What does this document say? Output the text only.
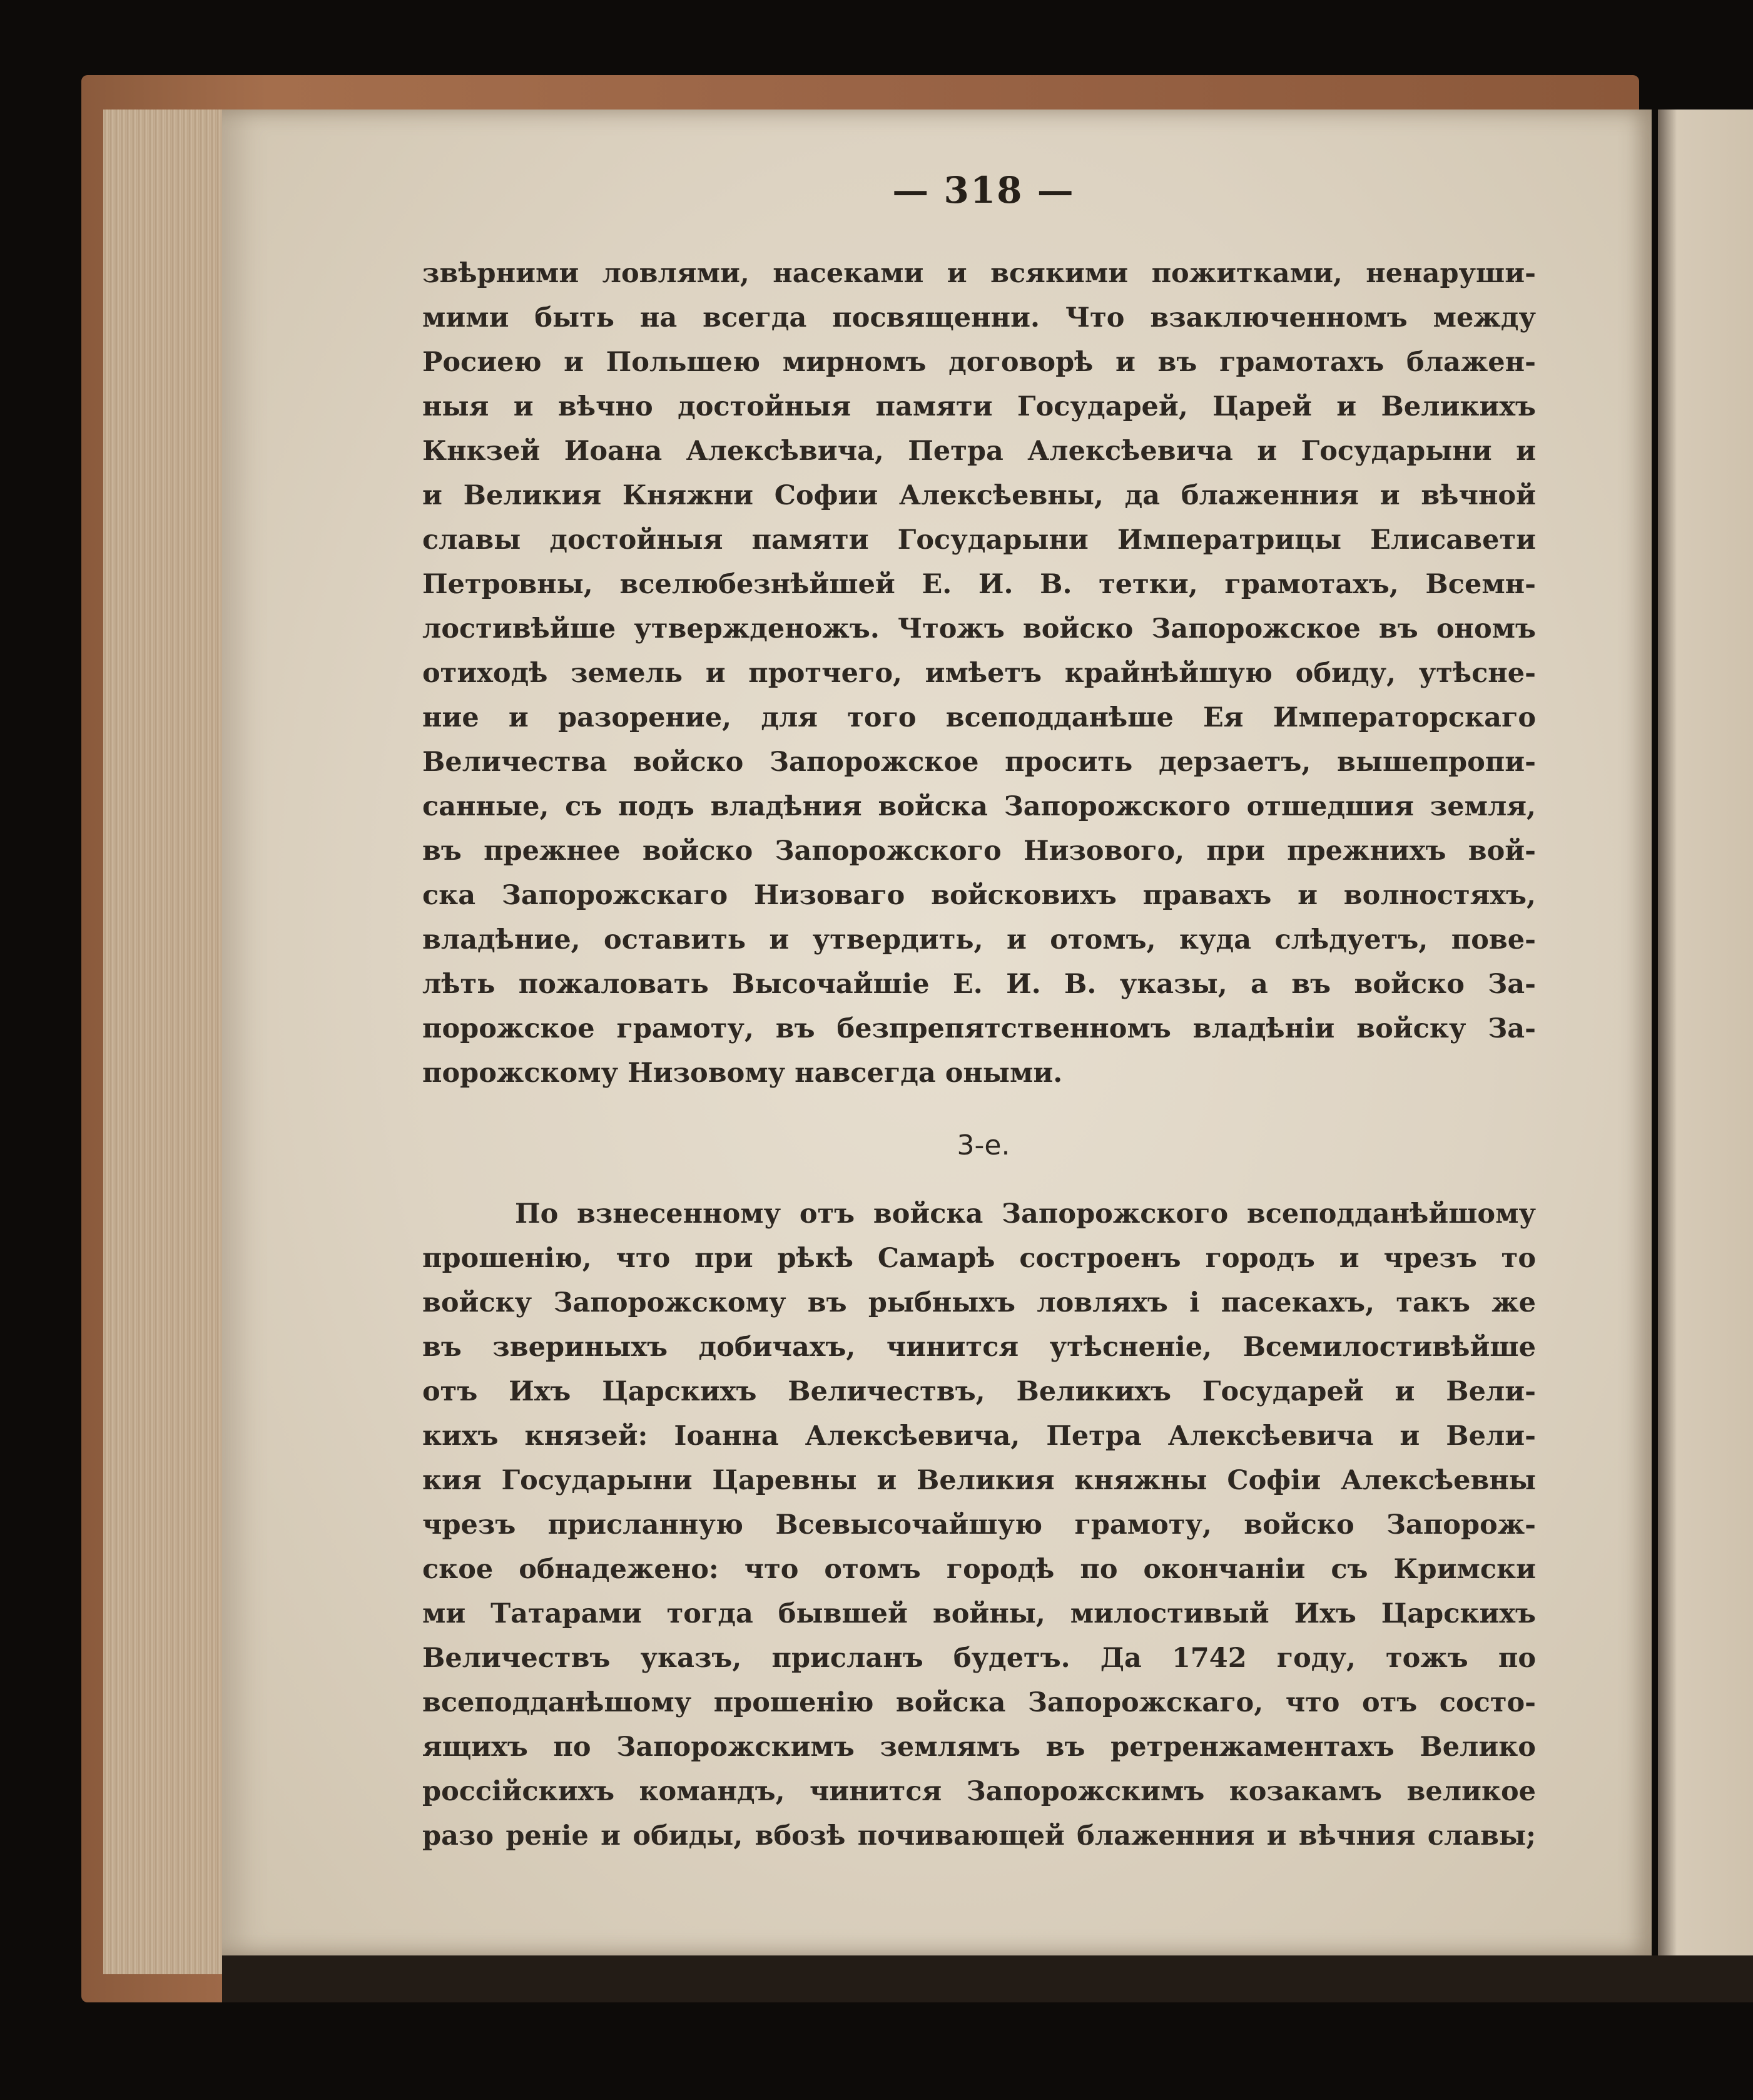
— 318 —
звѣрними ловлями, насеками и всякими пожитками, ненаруши-
мими быть на всегда посвященни. Что взаключенномъ между
Росиею и Польшею мирномъ договорѣ и въ грамотахъ блажен-
ныя и вѣчно достойныя памяти Государей, Царей и Великихъ
Кнкзей Иоана Алексѣвича, Петра Алексѣевича и Государыни и
и Великия Княжни Софии Алексѣевны, да блаженния и вѣчной
славы достойныя памяти Государыни Императрицы Елисавети
Петровны, вселюбезнѣйшей Е. И. В. тетки, грамотахъ, Всемн-
лостивѣйше утвержденожъ. Чтожъ войско Запорожское въ ономъ
отиходѣ земель и протчего, имѣетъ крайнѣйшую обиду, утѣсне-
ние и разорение, для того всеподданѣше Ея Императорскаго
Величества войско Запорожское просить дерзаетъ, вышепропи-
санные, съ подъ владѣния войска Запорожского отшедшия земля,
въ прежнее войско Запорожского Низового, при прежнихъ вой-
ска Запорожскаго Низоваго войсковихъ правахъ и волностяхъ,
владѣние, оставить и утвердить, и отомъ, куда слѣдуетъ, пове-
лѣть пожаловать Высочайшіе Е. И. В. указы, а въ войско За-
порожское грамоту, въ безпрепятственномъ владѣніи войску За-
порожскому Низовому навсегда оными.
3-е.
По взнесенному отъ войска Запорожского всеподданѣйшому
прошенію, что при рѣкѣ Самарѣ состроенъ городъ и чрезъ то
войску Запорожскому въ рыбныхъ ловляхъ і пасекахъ, такъ же
въ звериныхъ добичахъ, чинится утѣсненіе, Всемилостивѣйше
отъ Ихъ Царскихъ Величествъ, Великихъ Государей и Вели-
кихъ князей: Іоанна Алексѣевича, Петра Алексѣевича и Вели-
кия Государыни Царевны и Великия княжны Софіи Алексѣевны
чрезъ присланную Всевысочайшую грамоту, войско Запорож-
ское обнадежено: что отомъ городѣ по окончаніи съ Кримски
ми Татарами тогда бывшей войны, милостивый Ихъ Царскихъ
Величествъ указъ, присланъ будетъ. Да 1742 году, тожъ по
всеподданѣшому прошенію войска Запорожскаго, что отъ состо-
ящихъ по Запорожскимъ землямъ въ ретренжаментахъ Велико
россійскихъ командъ, чинится Запорожскимъ козакамъ великое
разо реніе и обиды, вбозѣ почивающей блаженния и вѣчния славы;
